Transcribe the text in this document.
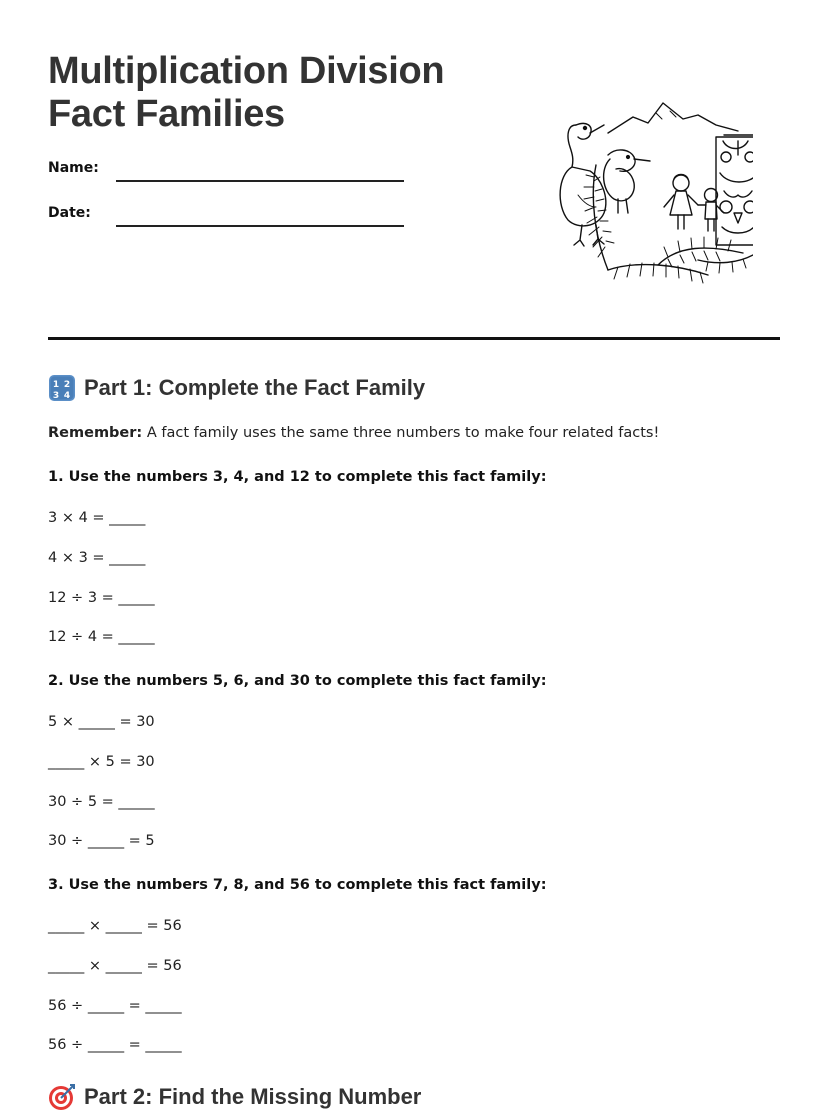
Multiplication Division
Fact Families
Name:
Date:
1 2
3 4 Part 1: Complete the Fact Family
Remember: A fact family uses the same three numbers to make four related facts!
1. Use the numbers 3, 4, and 12 to complete this fact family:
3 × 4 = _____
4 × 3 = _____
12 ÷ 3 = _____
12 ÷ 4 = _____
2. Use the numbers 5, 6, and 30 to complete this fact family:
5 × _____ = 30
_____ × 5 = 30
30 ÷ 5 = _____
30 ÷ _____ = 5
3. Use the numbers 7, 8, and 56 to complete this fact family:
_____ × _____ = 56
_____ × _____ = 56
56 ÷ _____ = _____
56 ÷ _____ = _____
Part 2: Find the Missing Number
